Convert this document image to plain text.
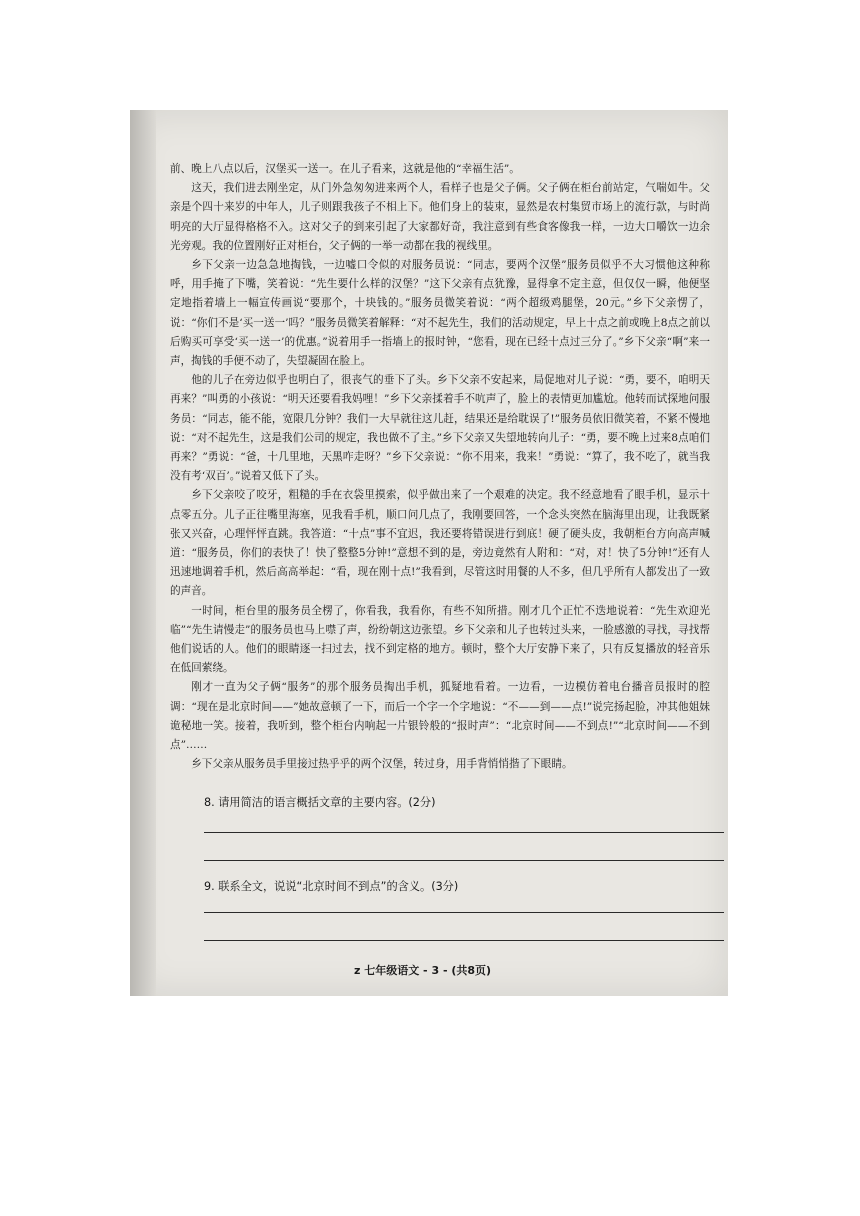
前、晚上八点以后，汉堡买一送一。在儿子看来，这就是他的“幸福生活”。

这天，我们进去刚坐定，从门外急匆匆进来两个人，看样子也是父子俩。父子俩在柜台前站定，气喘如牛。父亲是个四十来岁的中年人，儿子则跟我孩子不相上下。他们身上的装束，显然是农村集贸市场上的流行款，与时尚明亮的大厅显得格格不入。这对父子的到来引起了大家都好奇，我注意到有些食客像我一样，一边大口嚼饮一边余光旁观。我的位置刚好正对柜台，父子俩的一举一动都在我的视线里。

乡下父亲一边急急地掏钱，一边嘘口令似的对服务员说：“同志，要两个汉堡”服务员似乎不大习惯他这种称呼，用手掩了下嘴，笑着说：“先生要什么样的汉堡？”这下父亲有点犹豫，显得拿不定主意，但仅仅一瞬，他便坚定地指着墙上一幅宣传画说“要那个，十块钱的。”服务员微笑着说：“两个超级鸡腿堡，20元。”乡下父亲愣了，说：“你们不是‘买一送一’吗？”服务员微笑着解释：“对不起先生，我们的活动规定，早上十点之前或晚上8点之前以后购买可享受‘买一送一’的优惠。”说着用手一指墙上的报时钟，“您看，现在已经十点过三分了。”乡下父亲“啊”来一声，掏钱的手便不动了，失望凝固在脸上。

他的儿子在旁边似乎也明白了，很丧气的垂下了头。乡下父亲不安起来，局促地对儿子说：“勇，要不，咱明天再来？”叫勇的小孩说：“明天还要看我妈哩！”乡下父亲揉着手不吭声了，脸上的表情更加尴尬。他转而试探地问服务员：“同志，能不能，宽限几分钟？我们一大早就往这儿赶，结果还是给耽误了!”服务员依旧微笑着，不紧不慢地说：“对不起先生，这是我们公司的规定，我也做不了主。”乡下父亲又失望地转向儿子：“勇，要不晚上过来8点咱们再来？”勇说：“爸，十几里地，天黑咋走呀？”乡下父亲说：“你不用来，我来！”勇说：“算了，我不吃了，就当我没有考‘双百’。”说着又低下了头。

乡下父亲咬了咬牙，粗糙的手在衣袋里摸索，似乎做出来了一个艰难的决定。我不经意地看了眼手机，显示十点零五分。儿子正往嘴里海塞，见我看手机，顺口问几点了，我刚要回答，一个念头突然在脑海里出现，让我既紧张又兴奋，心理怦怦直跳。我答道：“十点”事不宜迟，我还要将错误进行到底！硬了硬头皮，我朝柜台方向高声喊道：“服务员，你们的表快了！快了整整5分钟!”意想不到的是，旁边竟然有人附和：“对，对！快了5分钟!”还有人迅速地调着手机，然后高高举起：“看，现在刚十点!”我看到，尽管这时用餐的人不多，但几乎所有人都发出了一致的声音。

一时间，柜台里的服务员全楞了，你看我，我看你，有些不知所措。刚才几个正忙不迭地说着：“先生欢迎光临”“先生请慢走”的服务员也马上噤了声，纷纷朝这边张望。乡下父亲和儿子也转过头来，一脸感激的寻找，寻找帮他们说话的人。他们的眼睛逐一扫过去，找不到定格的地方。顿时，整个大厅安静下来了，只有反复播放的轻音乐在低回萦绕。

刚才一直为父子俩“服务”的那个服务员掏出手机，狐疑地看着。一边看，一边模仿着电台播音员报时的腔调：“现在是北京时间——”她故意顿了一下，而后一个字一个字地说：“不——到——点!”说完扬起脸，冲其他姐妹诡秘地一笑。接着，我听到，整个柜台内响起一片银铃般的“报时声”：“北京时间——不到点!”“北京时间——不到点”……

乡下父亲从服务员手里接过热乎乎的两个汉堡，转过身，用手背悄悄揩了下眼睛。

8. 请用简洁的语言概括文章的主要内容。(2分)
9. 联系全文，说说“北京时间不到点”的含义。(3分)
z 七年级语文 - 3 - (共8页)
